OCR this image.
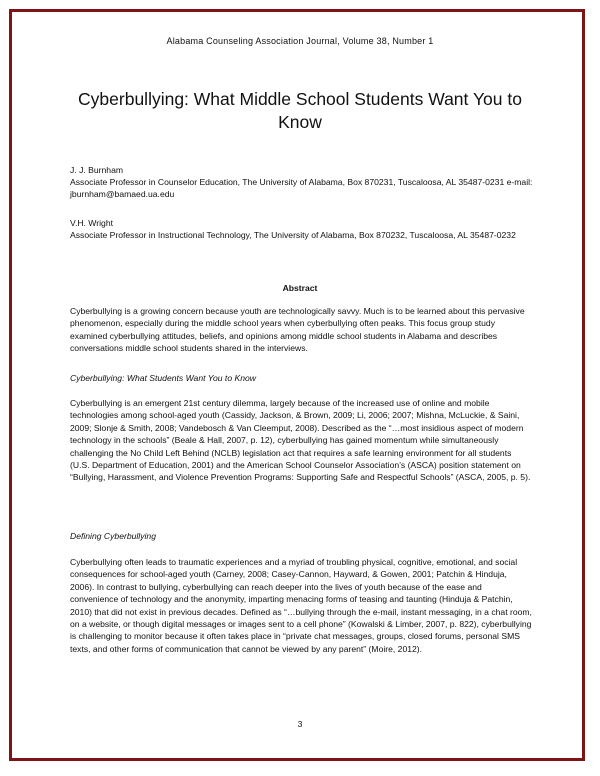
Alabama Counseling Association Journal, Volume 38, Number 1
Cyberbullying: What Middle School Students Want You to Know
J. J. Burnham
Associate Professor in Counselor Education, The University of Alabama, Box 870231, Tuscaloosa, AL 35487-0231 e-mail: jburnham@bamaed.ua.edu
V.H. Wright
Associate Professor in Instructional Technology, The University of Alabama, Box 870232, Tuscaloosa, AL 35487-0232
Abstract

Cyberbullying is a growing concern because youth are technologically savvy. Much is to be learned about this pervasive phenomenon, especially during the middle school years when cyberbullying often peaks. This focus group study examined cyberbullying attitudes, beliefs, and opinions among middle school students in Alabama and describes conversations middle school students shared in the interviews.

Cyberbullying: What Students Want You to Know

Cyberbullying is an emergent 21st century dilemma, largely because of the increased use of online and mobile technologies among school-aged youth (Cassidy, Jackson, & Brown, 2009; Li, 2006; 2007; Mishna, McLuckie, & Saini, 2009; Slonje & Smith, 2008; Vandebosch & Van Cleemput, 2008). Described as the “…most insidious aspect of modern technology in the schools” (Beale & Hall, 2007, p. 12), cyberbullying has gained momentum while simultaneously challenging the No Child Left Behind (NCLB) legislation act that requires a safe learning environment for all students (U.S. Department of Education, 2001) and the American School Counselor Association’s (ASCA) position statement on “Bullying, Harassment, and Violence Prevention Programs: Supporting Safe and Respectful Schools” (ASCA, 2005, p. 5).

Defining Cyberbullying

Cyberbullying often leads to traumatic experiences and a myriad of troubling physical, cognitive, emotional, and social consequences for school-aged youth (Carney, 2008; Casey-Cannon, Hayward, & Gowen, 2001; Patchin & Hinduja, 2006). In contrast to bullying, cyberbullying can reach deeper into the lives of youth because of the ease and convenience of technology and the anonymity, imparting menacing forms of teasing and taunting (Hinduja & Patchin, 2010) that did not exist in previous decades. Defined as “…bullying through the e-mail, instant messaging, in a chat room, on a website, or though digital messages or images sent to a cell phone” (Kowalski & Limber, 2007, p. 822), cyberbullying is challenging to monitor because it often takes place in “private chat messages, groups, closed forums, personal SMS texts, and other forms of communication that cannot be viewed by any parent” (Moire, 2012).

3
